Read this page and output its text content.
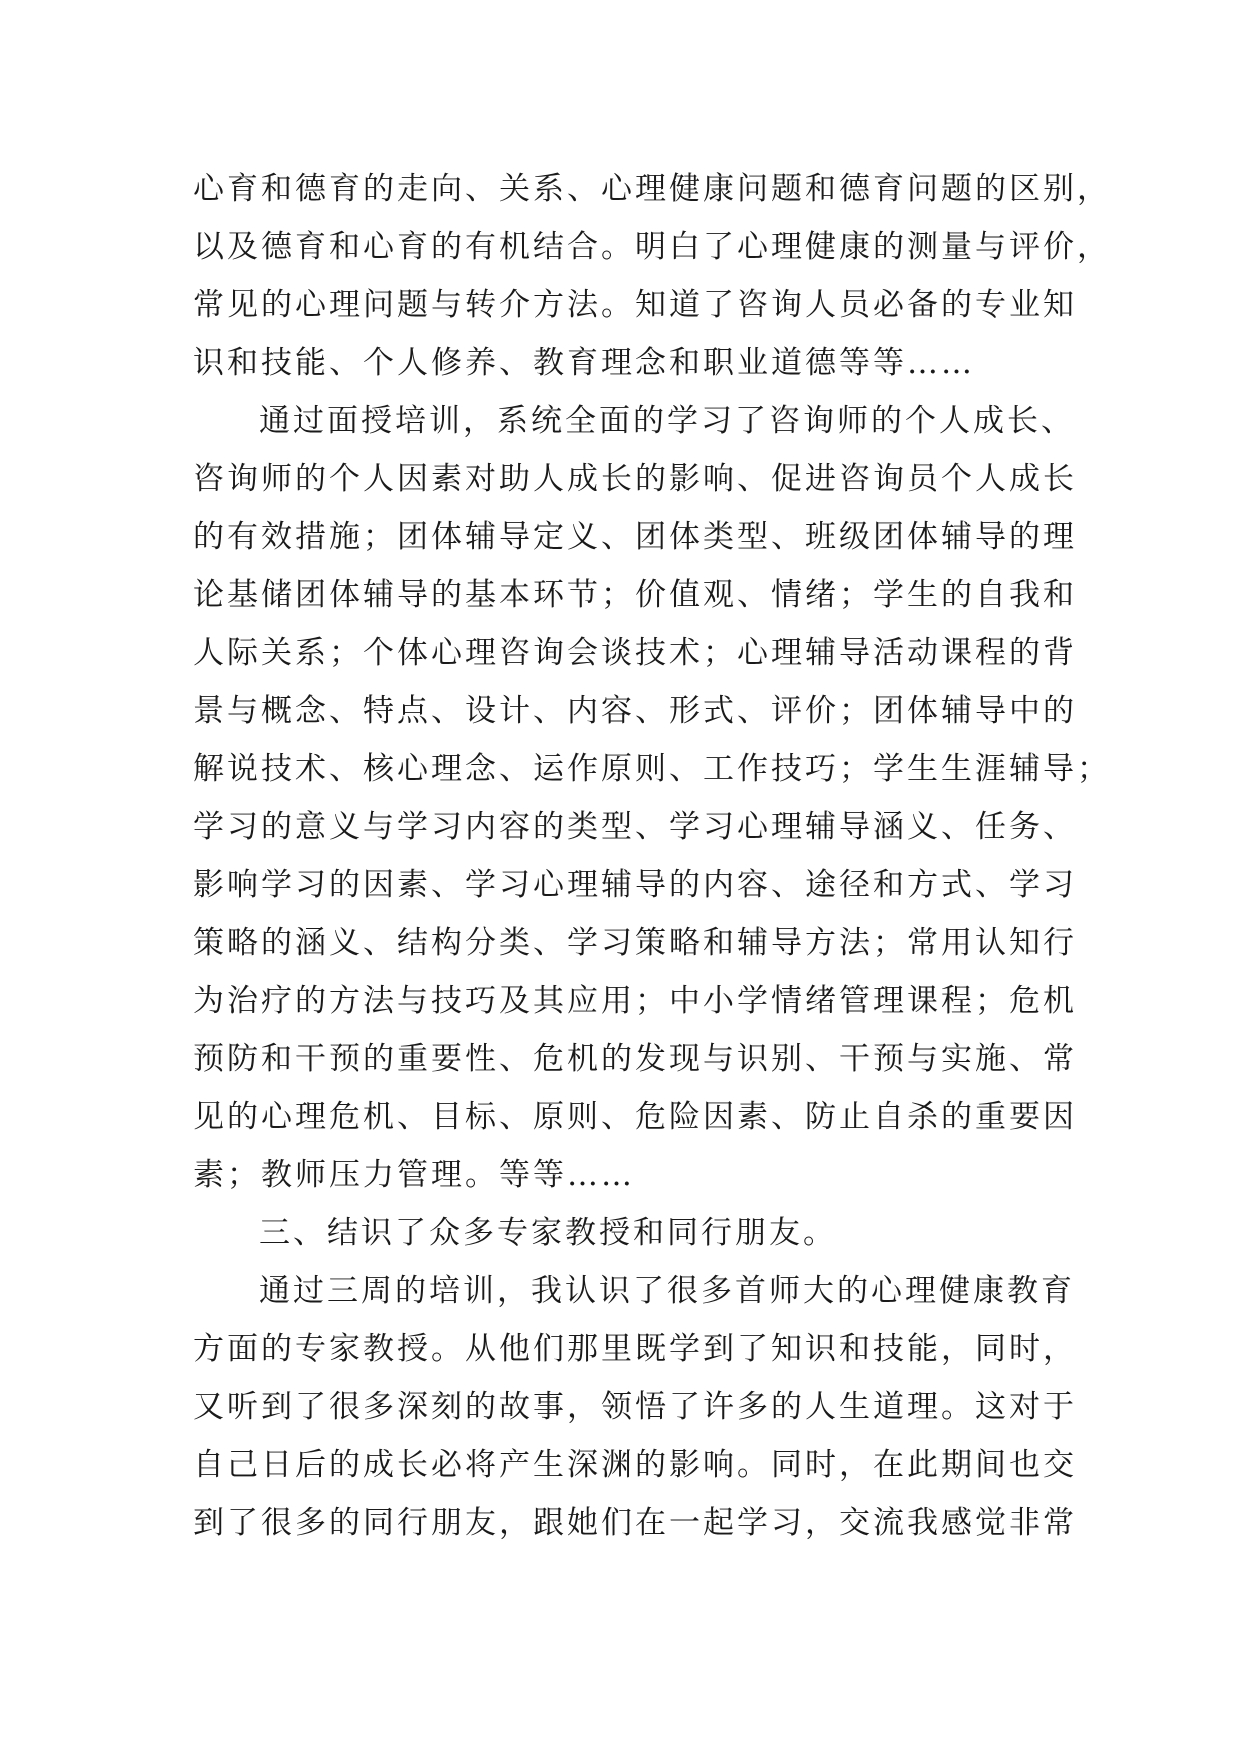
心育和德育的走向、关系、心理健康问题和德育问题的区别，
以及德育和心育的有机结合。明白了心理健康的测量与评价，
常见的心理问题与转介方法。知道了咨询人员必备的专业知
识和技能、个人修养、教育理念和职业道德等等……
通过面授培训，系统全面的学习了咨询师的个人成长、
咨询师的个人因素对助人成长的影响、促进咨询员个人成长
的有效措施；团体辅导定义、团体类型、班级团体辅导的理
论基储团体辅导的基本环节；价值观、情绪；学生的自我和
人际关系；个体心理咨询会谈技术；心理辅导活动课程的背
景与概念、特点、设计、内容、形式、评价；团体辅导中的
解说技术、核心理念、运作原则、工作技巧；学生生涯辅导；
学习的意义与学习内容的类型、学习心理辅导涵义、任务、
影响学习的因素、学习心理辅导的内容、途径和方式、学习
策略的涵义、结构分类、学习策略和辅导方法；常用认知行
为治疗的方法与技巧及其应用；中小学情绪管理课程；危机
预防和干预的重要性、危机的发现与识别、干预与实施、常
见的心理危机、目标、原则、危险因素、防止自杀的重要因
素；教师压力管理。等等……
三、结识了众多专家教授和同行朋友。
通过三周的培训，我认识了很多首师大的心理健康教育
方面的专家教授。从他们那里既学到了知识和技能，同时，
又听到了很多深刻的故事，领悟了许多的人生道理。这对于
自己日后的成长必将产生深渊的影响。同时，在此期间也交
到了很多的同行朋友，跟她们在一起学习，交流我感觉非常
